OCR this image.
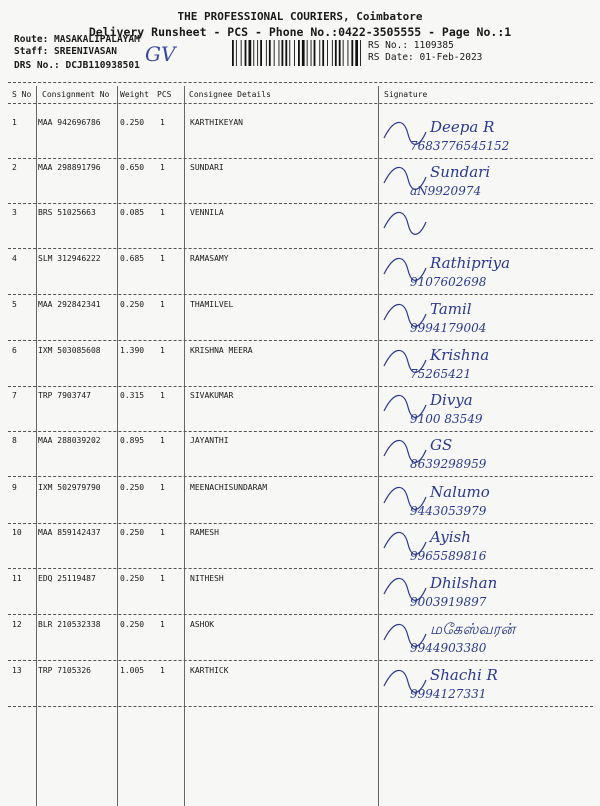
THE PROFESSIONAL COURIERS, Coimbatore
Delivery Runsheet - PCS - Phone No.:0422-3505555 - Page No.:1
Route: MASAKALIPALAYAM
Staff: SREENIVASAN
DRS No.: DCJB110938501 GV	RS No.: 1109385
RS Date: 01-Feb-2023
S No Consignment No Weight PCS Consignee Details	Signature
1	MAA 942696786 0.250 1	KARTHIKEYAN	Deepa R
7683776545152
2	MAA 298891796 0.650 1	SUNDARI	Sundari
aN9920974
3	BRS 51025663	0.085 1	VENNILA
4	SLM 312946222 0.685 1	RAMASAMY	Rathipriya
9107602698
5	MAA 292842341 0.250 1	THAMILVEL	Tamil
9994179004
6	IXM 503085608 1.390 1	KRISHNA MEERA	Krishna
75265421
7	TRP 7903747	0.315 1	SIVAKUMAR	Divya
9100 83549
8	MAA 288039202 0.895 1	JAYANTHI	GS
8639298959
9	IXM 502979790 0.250 1	MEENACHISUNDARAM	Nalumo
9443053979
10 MAA 859142437 0.250 1	RAMESH	Ayish
9965589816
11 EDQ 25119487	0.250 1	NITHESH	Dhilshan
9003919897
12 BLR 210532338 0.250 1	ASHOK	மகேஸ்வரன்
9944903380
13 TRP 7105326	1.005 1	KARTHICK	Shachi R
9994127331
